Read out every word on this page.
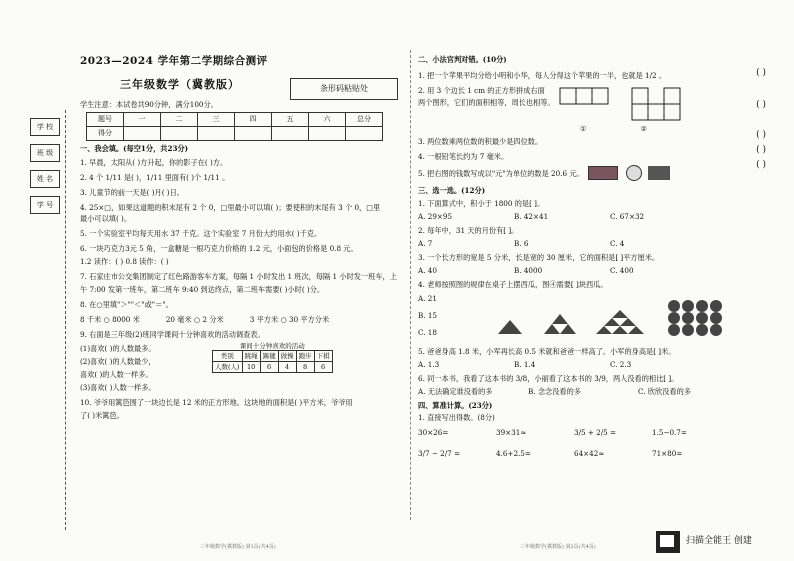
学 校
班 级
姓 名
学 号
2023—2024 学年第二学期综合测评
三年级数学（冀教版）
学生注意：本试卷共90分钟，满分100分。
题号	一	二	三	四	五	六	总分
得分							
一、我会填。(每空1分，共23分)
1. 早晨，太阳从( )方升起，你的影子在( )方。
2. 4 个 1/11 是( )，1/11 里面有( )个 1/11 。
3. 儿童节的前一天是( )月( )日。
4. 25×□，如果这道题的积末尾有 2 个 0，□里最小可以填( )；要使积的末尾有 3 个 0，□里
最小可以填( )。
5. 一个实验室平均每天用水 37 千克。这个实验室 7 月份大约用水( )千克。
6. 一块巧克力3元 5 角，一盒糖是一根巧克力价格的 1.2 元，小面包的价格是 0.8 元。
1.2 读作：( ) 0.8 读作：( )
7. 石家庄市公交集团制定了红色路游客车方案，每隔 1 小时发出 1 班次，每隔 1 小时发一班车，上
午 7:00 发第一班车，第二班车 9:40 到达终点，第二班车需要( )小时( )分。
8. 在○里填"＞""＜"或"＝"。
8 千米 ○ 8000 米	20 毫米 ○ 2 分米	3 平方米 ○ 30 平方分米
9. 右面是三年级(2)班同学课间十分钟喜欢的活动调查表。
(1)喜欢( )的人数最多。
(2)喜欢( )的人数最少，
喜欢( )的人数一样多。
(3)喜欢( )人数一样多。
课间十分钟喜欢的活动
类别	跳绳	踢毽	做操	跑步	下棋
人数(人)	10	6	4	8	6
10. 爷爷用篱笆围了一块边长是 12 米的正方形地。这块地的面积是( )平方米，爷爷用
了( )米篱笆。
条形码粘贴处
二、小法官判对错。(10分)
1. 把一个苹果平均分给小明和小华，每人分得这个苹果的一半，也就是 1/2 。
2. 用 3 个边长 1 cm 的正方形拼成右面
两个图形，它们的面积相等，周长也相等。
①	②
3. 两位数乘两位数的积最少是四位数。
4. 一根铅笔长约为 7 毫米。
5. 把右图的钱数写成以"元"为单位的数是 20.6 元。
三、选一选。(12分)
1. 下面算式中，积小于 1800 的是[ ]。
A. 29×95	B. 42×41	C. 67×32
2. 每年中，31 天的月份有[ ]。
A. 7	B. 6	C. 4
3. 一个长方形的宽是 5 分米，长是宽的 30 厘米，它的面积是[ ]平方厘米。
A. 40	B. 4000	C. 400
4. 老师按照图的规律在桌子上摆西瓜，图④需要[ ]块西瓜。
A. 21
B. 15
C. 18
5. 爸爸身高 1.8 米，小军再长高 0.5 米就和爸爸一样高了。小军的身高是[ ]米。
A. 1.3	B. 1.4	C. 2.3
6. 同一本书，我看了这本书的 3/8，小丽看了这本书的 3/9，两人没看的相比[ ]。
A. 无法确定谁没看的多	B. 念念没看的多	C. 欣欣没看的多
四、算准计算。(23分)
1. 直接写出得数。(8分)
30×26=	39×31≈	3/5 + 2/5 =	1.5−0.7=
3/7 − 2/7 =	4.6+2.5=	64×42≈	71×80=
( )
( )
( )
( )
( )
三年级数学(冀教版) 第1页(共4页)	三年级数学(冀教版) 第2页(共4页)
扫描全能王 创建
